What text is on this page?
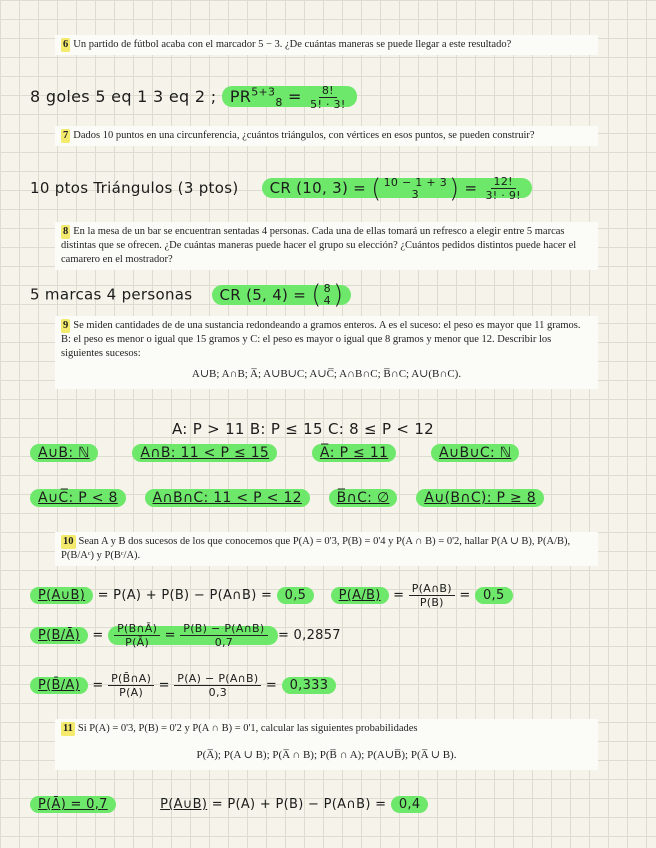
6 Un partido de fútbol acaba con el marcador 5 − 3. ¿De cuántas maneras se puede llegar a este resultado?
8 goles 5 eq 1 3 eq 2 ; $PR^{5+3}_8 = \frac{8!}{5! \cdot 3!}$
7 Dados 10 puntos en una circunferencia, ¿cuántos triángulos, con vértices en esos puntos, se pueden construir?
10 ptos Triángulos (3 ptos) CR (10, 3) = ( 10 − 1 + 3
3 ) = $\frac{12!}{3! \cdot 9!}$
8 En la mesa de un bar se encuentran sentadas 4 personas. Cada una de ellas tomará un refresco a elegir entre 5 marcas distintas que se ofrecen. ¿De cuántas maneras puede hacer el grupo su elección? ¿Cuántos pedidos distintos puede hacer el camarero en el mostrador?
5 marcas 4 personas CR (5, 4) = ( 8
4 )
9 Se miden cantidades de de una sustancia redondeando a gramos enteros. A es el suceso: el peso es mayor que 11 gramos. B: el peso es menor o igual que 15 gramos y C: el peso es mayor o igual que 8 gramos y menor que 12. Describir los siguientes sucesos:
A∪B; A∩B; A̅; A∪B∪C; A∪C̅; A∩B∩C; B̅∩C; A∪(B∩C).
A: P > 11 B: P ≤ 15 C: 8 ≤ P < 12
A∪B: ℕ	A∩B: 11 < P ≤ 15	A̅: P ≤ 11	A∪B∪C: ℕ
A∪C̅: P < 8 A∩B∩C: 11 < P < 12 B̅∩C: ∅ A∪(B∩C): P ≥ 8
10 Sean A y B dos sucesos de los que conocemos que P(A) = 0'3, P(B) = 0'4 y P(A ∩ B) = 0'2, hallar P(A ∪ B), P(A/B), P(B/Aᶜ) y P(Bᶜ/A).
P(A∪B) = P(A) + P(B) − P(A∩B) = 0,5 $P(A/B) = \frac{P(A\cap B)}{P(B)} = 0,5$
P(B/Ā) = $\frac{P(B\cap Ā)}{P(Ā)} = \frac{P(B) - P(A\cap B)}{0,7} = 0,2857$
P(B̄/A) = $\frac{P(B̄\cap A)}{P(A)} = \frac{P(A) - P(A\cap B)}{0,3} = 0,333$
11 Si P(A) = 0'3, P(B) = 0'2 y P(A ∩ B) = 0'1, calcular las siguientes probabilidades
P(A̅); P(A ∪ B); P(A̅ ∩ B); P(B̅ ∩ A); P(A∪B̅); P(A̅ ∪ B).
P(Ā) = 0,7	P(A∪B) = P(A) + P(B) − P(A∩B) = 0,4
